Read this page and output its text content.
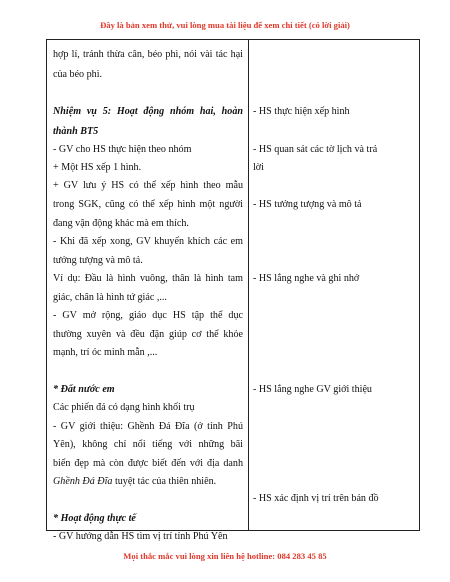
Đây là bản xem thử, vui lòng mua tài liệu để xem chi tiết (có lời giải)
hợp lí, tránh thừa cân, béo phì, nói vài tác hại
của béo phì.
Nhiệm vụ 5: Hoạt động nhóm hai, hoàn
thành BT5
- GV cho HS thực hiện theo nhóm
+ Một HS xếp 1 hình.
+ GV lưu ý HS có thể xếp hình theo mẫu
trong SGK, cũng có thể xếp hình một người
đang vận động khác mà em thích.
- Khi đã xếp xong, GV khuyến khích các em
tưởng tượng và mô tả.
Ví dụ: Đầu là hình vuông, thân là hình tam
giác, chân là hình tứ giác ,...
- GV mở rộng, giáo dục HS tập thể dục
thường xuyên và đều đặn giúp cơ thể khỏe
mạnh, trí óc minh mẫn ,...
* Đất nước em
Các phiến đá có dạng hình khối trụ
- GV giới thiệu: Ghềnh Đá Đĩa (ở tỉnh Phú
Yên), không chỉ nổi tiếng với những bãi
biển đẹp mà còn được biết đến với địa danh
Ghềnh Đá Đĩa tuyệt tác của thiên nhiên.
* Hoạt động thực tế
- GV hướng dẫn HS tìm vị trí tỉnh Phú Yên
- HS thực hiện xếp hình
- HS quan sát các tờ lịch và trả
lời
- HS tưởng tượng và mô tả
- HS lắng nghe và ghi nhớ
- HS lắng nghe GV giới thiệu
- HS xác định vị trí trên bản đồ
Mọi thắc mắc vui lòng xin liên hệ hotline: 084 283 45 85
